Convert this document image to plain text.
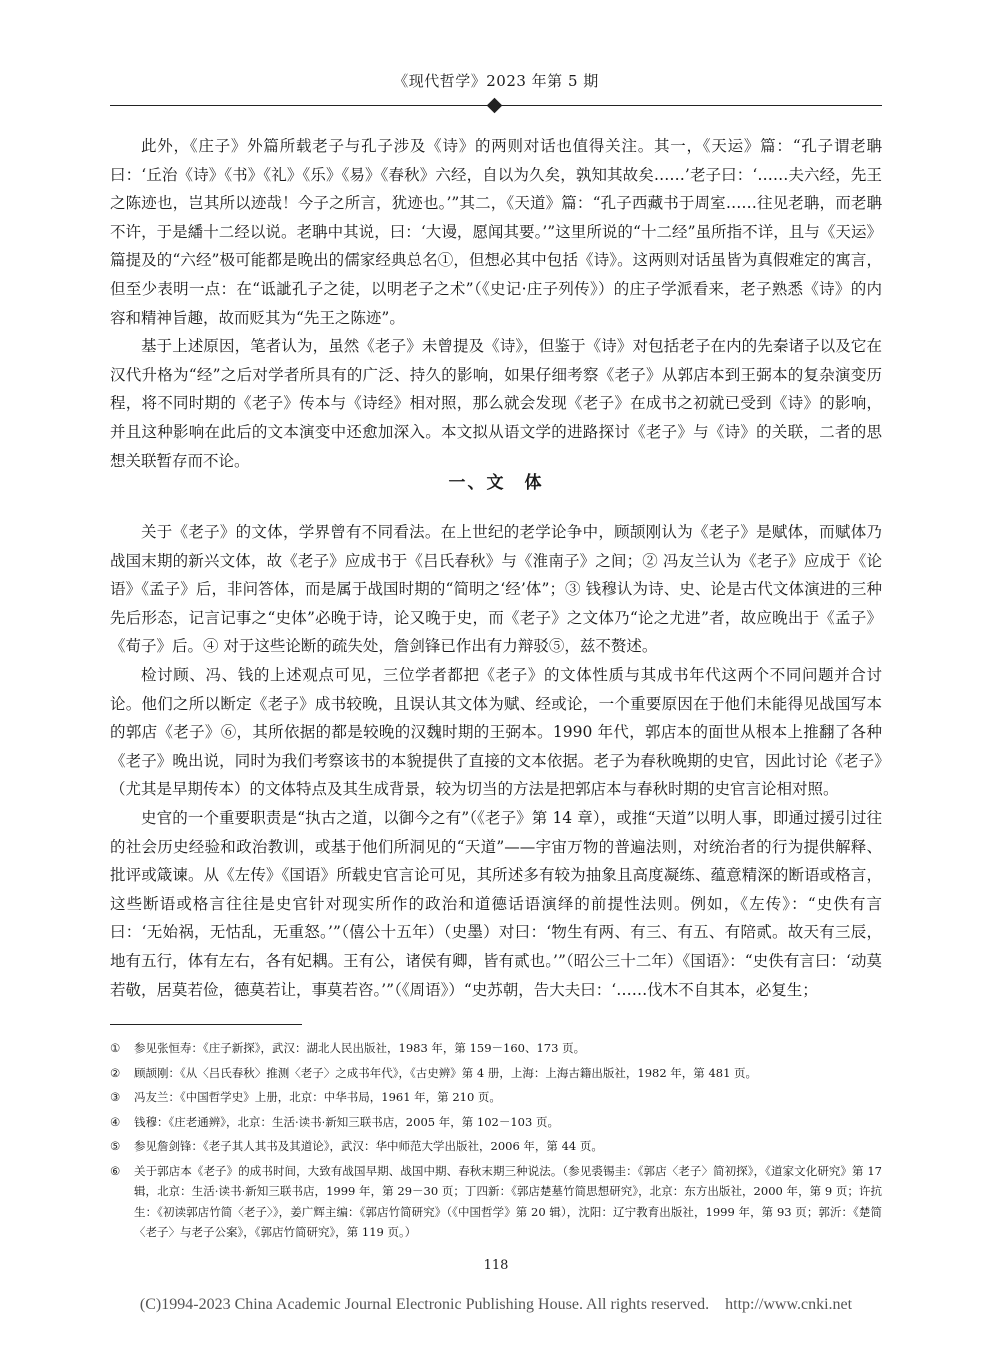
《现代哲学》2023 年第 5 期

此外，《庄子》外篇所载老子与孔子涉及《诗》的两则对话也值得关注。其一，《天运》篇：“孔子谓老聃曰：‘丘治《诗》《书》《礼》《乐》《易》《春秋》六经，自以为久矣，孰知其故矣……’老子曰：‘……夫六经，先王之陈迹也，岂其所以迹哉！今子之所言，犹迹也。’”其二，《天道》篇：“孔子西藏书于周室……往见老聃，而老聃不许，于是繙十二经以说。老聃中其说，曰：‘大谩，愿闻其要。’”这里所说的“十二经”虽所指不详，且与《天运》篇提及的“六经”极可能都是晚出的儒家经典总名①，但想必其中包括《诗》。这两则对话虽皆为真假难定的寓言，但至少表明一点：在“诋訿孔子之徒，以明老子之术”（《史记·庄子列传》）的庄子学派看来，老子熟悉《诗》的内容和精神旨趣，故而贬其为“先王之陈迹”。

基于上述原因，笔者认为，虽然《老子》未曾提及《诗》，但鉴于《诗》对包括老子在内的先秦诸子以及它在汉代升格为“经”之后对学者所具有的广泛、持久的影响，如果仔细考察《老子》从郭店本到王弼本的复杂演变历程，将不同时期的《老子》传本与《诗经》相对照，那么就会发现《老子》在成书之初就已受到《诗》的影响，并且这种影响在此后的文本演变中还愈加深入。本文拟从语文学的进路探讨《老子》与《诗》的关联，二者的思想关联暂存而不论。

一、文　体

关于《老子》的文体，学界曾有不同看法。在上世纪的老学论争中，顾颉刚认为《老子》是赋体，而赋体乃战国末期的新兴文体，故《老子》应成书于《吕氏春秋》与《淮南子》之间；② 冯友兰认为《老子》应成于《论语》《孟子》后，非问答体，而是属于战国时期的“简明之‘经’体”；③ 钱穆认为诗、史、论是古代文体演进的三种先后形态，记言记事之“史体”必晚于诗，论又晚于史，而《老子》之文体乃“论之尤进”者，故应晚出于《孟子》《荀子》后。④ 对于这些论断的疏失处，詹剑锋已作出有力辩驳⑤，兹不赘述。

检讨顾、冯、钱的上述观点可见，三位学者都把《老子》的文体性质与其成书年代这两个不同问题并合讨论。他们之所以断定《老子》成书较晚，且误认其文体为赋、经或论，一个重要原因在于他们未能得见战国写本的郭店《老子》⑥，其所依据的都是较晚的汉魏时期的王弼本。1990 年代，郭店本的面世从根本上推翻了各种《老子》晚出说，同时为我们考察该书的本貌提供了直接的文本依据。老子为春秋晚期的史官，因此讨论《老子》（尤其是早期传本）的文体特点及其生成背景，较为切当的方法是把郭店本与春秋时期的史官言论相对照。

史官的一个重要职责是“执古之道，以御今之有”（《老子》第 14 章），或推“天道”以明人事，即通过援引过往的社会历史经验和政治教训，或基于他们所洞见的“天道”——宇宙万物的普遍法则，对统治者的行为提供解释、批评或箴谏。从《左传》《国语》所载史官言论可见，其所述多有较为抽象且高度凝练、蕴意精深的断语或格言，这些断语或格言往往是史官针对现实所作的政治和道德话语演绎的前提性法则。例如，《左传》：“史佚有言曰：‘无始祸，无怙乱，无重怒。’”（僖公十五年）（史墨）对曰：‘物生有两、有三、有五、有陪贰。故天有三辰，地有五行，体有左右，各有妃耦。王有公，诸侯有卿，皆有贰也。’”（昭公三十二年）《国语》：“史佚有言曰：‘动莫若敬，居莫若俭，德莫若让，事莫若咨。’”（《周语》）“史苏朝，告大夫曰：‘……伐木不自其本，必复生；

①	参见张恒寿：《庄子新探》，武汉：湖北人民出版社，1983 年，第 159－160、173 页。
②	顾颉刚：《从〈吕氏春秋〉推测〈老子〉之成书年代》，《古史辨》第 4 册，上海：上海古籍出版社，1982 年，第 481 页。
③	冯友兰：《中国哲学史》上册，北京：中华书局，1961 年，第 210 页。
④	钱穆：《庄老通辨》，北京：生活·读书·新知三联书店，2005 年，第 102－103 页。
⑤	参见詹剑锋：《老子其人其书及其道论》，武汉：华中师范大学出版社，2006 年，第 44 页。
⑥	关于郭店本《老子》的成书时间，大致有战国早期、战国中期、春秋末期三种说法。（参见裘锡圭：《郭店〈老子〉简初探》，《道家文化研究》第 17 辑，北京：生活·读书·新知三联书店，1999 年，第 29－30 页；丁四新：《郭店楚墓竹简思想研究》，北京：东方出版社，2000 年，第 9 页；许抗生：《初读郭店竹简〈老子〉》，姜广辉主编：《郭店竹简研究》（《中国哲学》第 20 辑），沈阳：辽宁教育出版社，1999 年，第 93 页；郭沂：《楚简〈老子〉与老子公案》，《郭店竹简研究》，第 119 页。）
118
(C)1994-2023 China Academic Journal Electronic Publishing House. All rights reserved.    http://www.cnki.net
